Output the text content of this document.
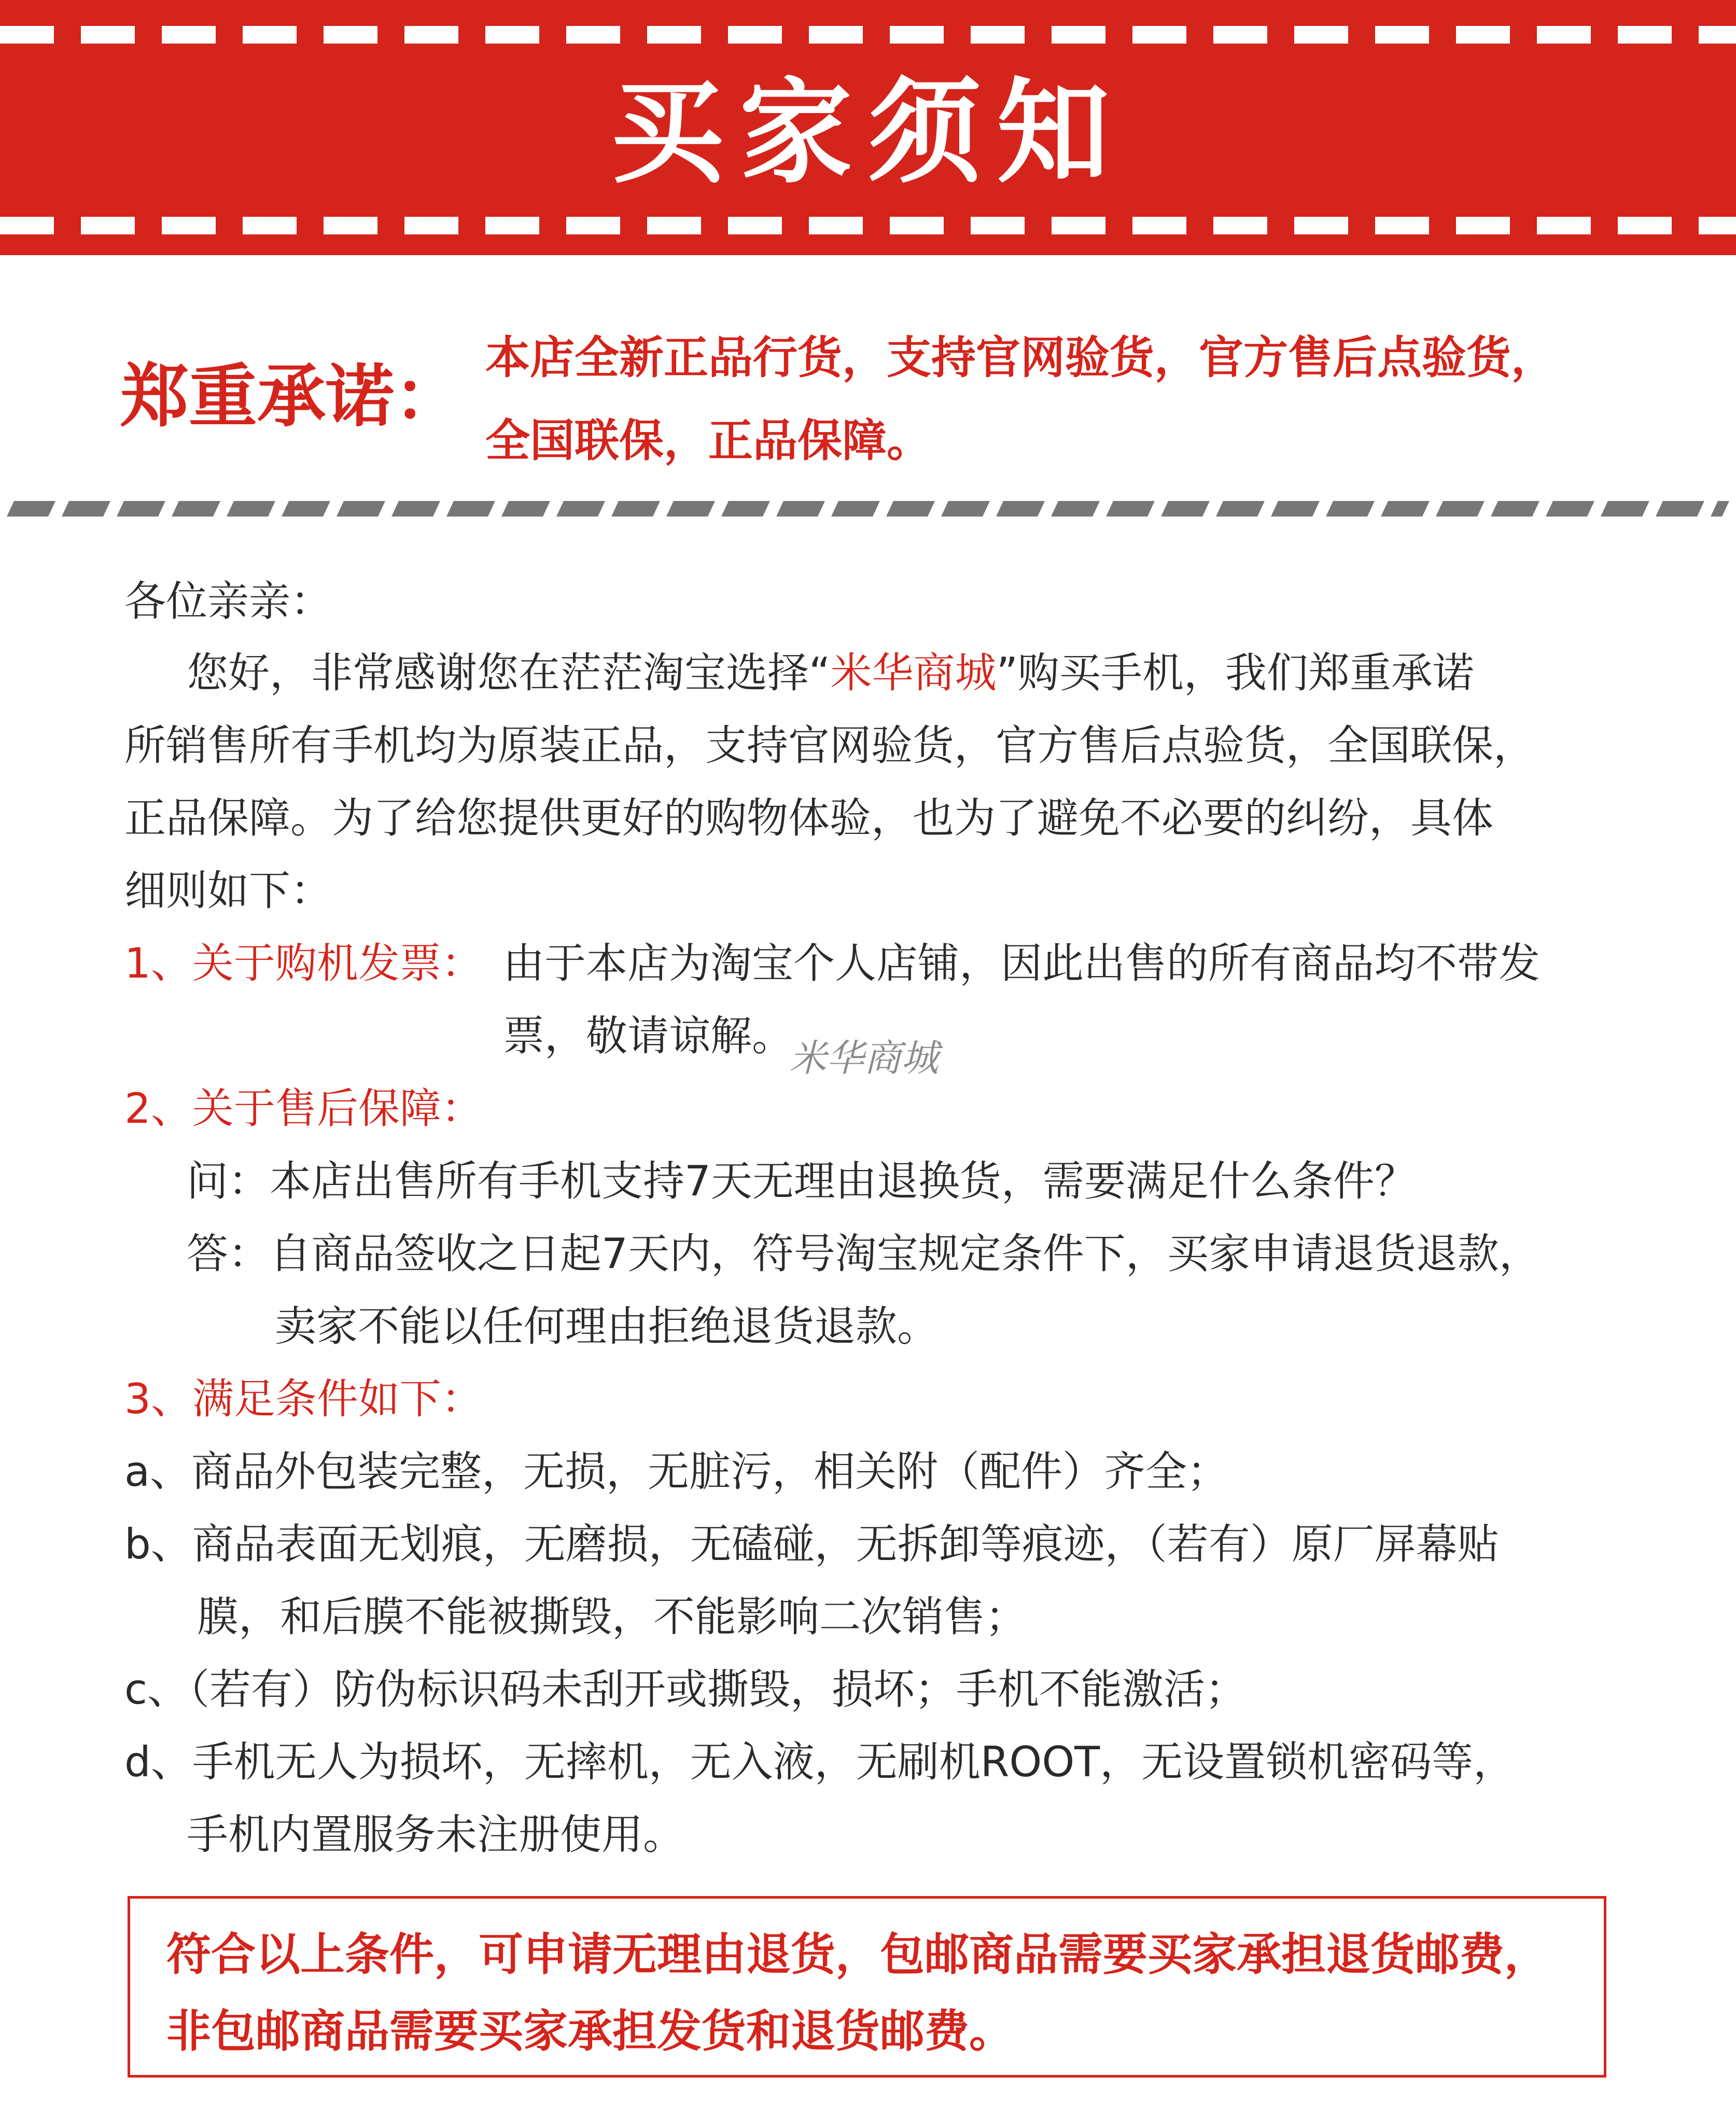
买家须知
郑重承诺： 本店全新正品行货，支持官网验货，官方售后点验货，
全国联保，正品保障。
各位亲亲：
您好，非常感谢您在茫茫淘宝选择“米华商城”购买手机，我们郑重承诺
所销售所有手机均为原装正品，支持官网验货，官方售后点验货，全国联保，
正品保障。为了给您提供更好的购物体验，也为了避免不必要的纠纷，具体
细则如下：
1、关于购机发票： 由于本店为淘宝个人店铺，因此出售的所有商品均不带发
票，敬请谅解。
米华商城
2、关于售后保障：
问：本店出售所有手机支持7天无理由退换货，需要满足什么条件？
答：自商品签收之日起7天内，符号淘宝规定条件下，买家申请退货退款，
卖家不能以任何理由拒绝退货退款。
3、满足条件如下：
a、商品外包装完整，无损，无脏污，相关附（配件）齐全；
b、商品表面无划痕，无磨损，无磕碰，无拆卸等痕迹，（若有）原厂屏幕贴
膜，和后膜不能被撕毁，不能影响二次销售；
c、（若有）防伪标识码未刮开或撕毁，损坏；手机不能激活；
d、手机无人为损坏，无摔机，无入液，无刷机ROOT，无设置锁机密码等，
手机内置服务未注册使用。
符合以上条件，可申请无理由退货，包邮商品需要买家承担退货邮费，
非包邮商品需要买家承担发货和退货邮费。
